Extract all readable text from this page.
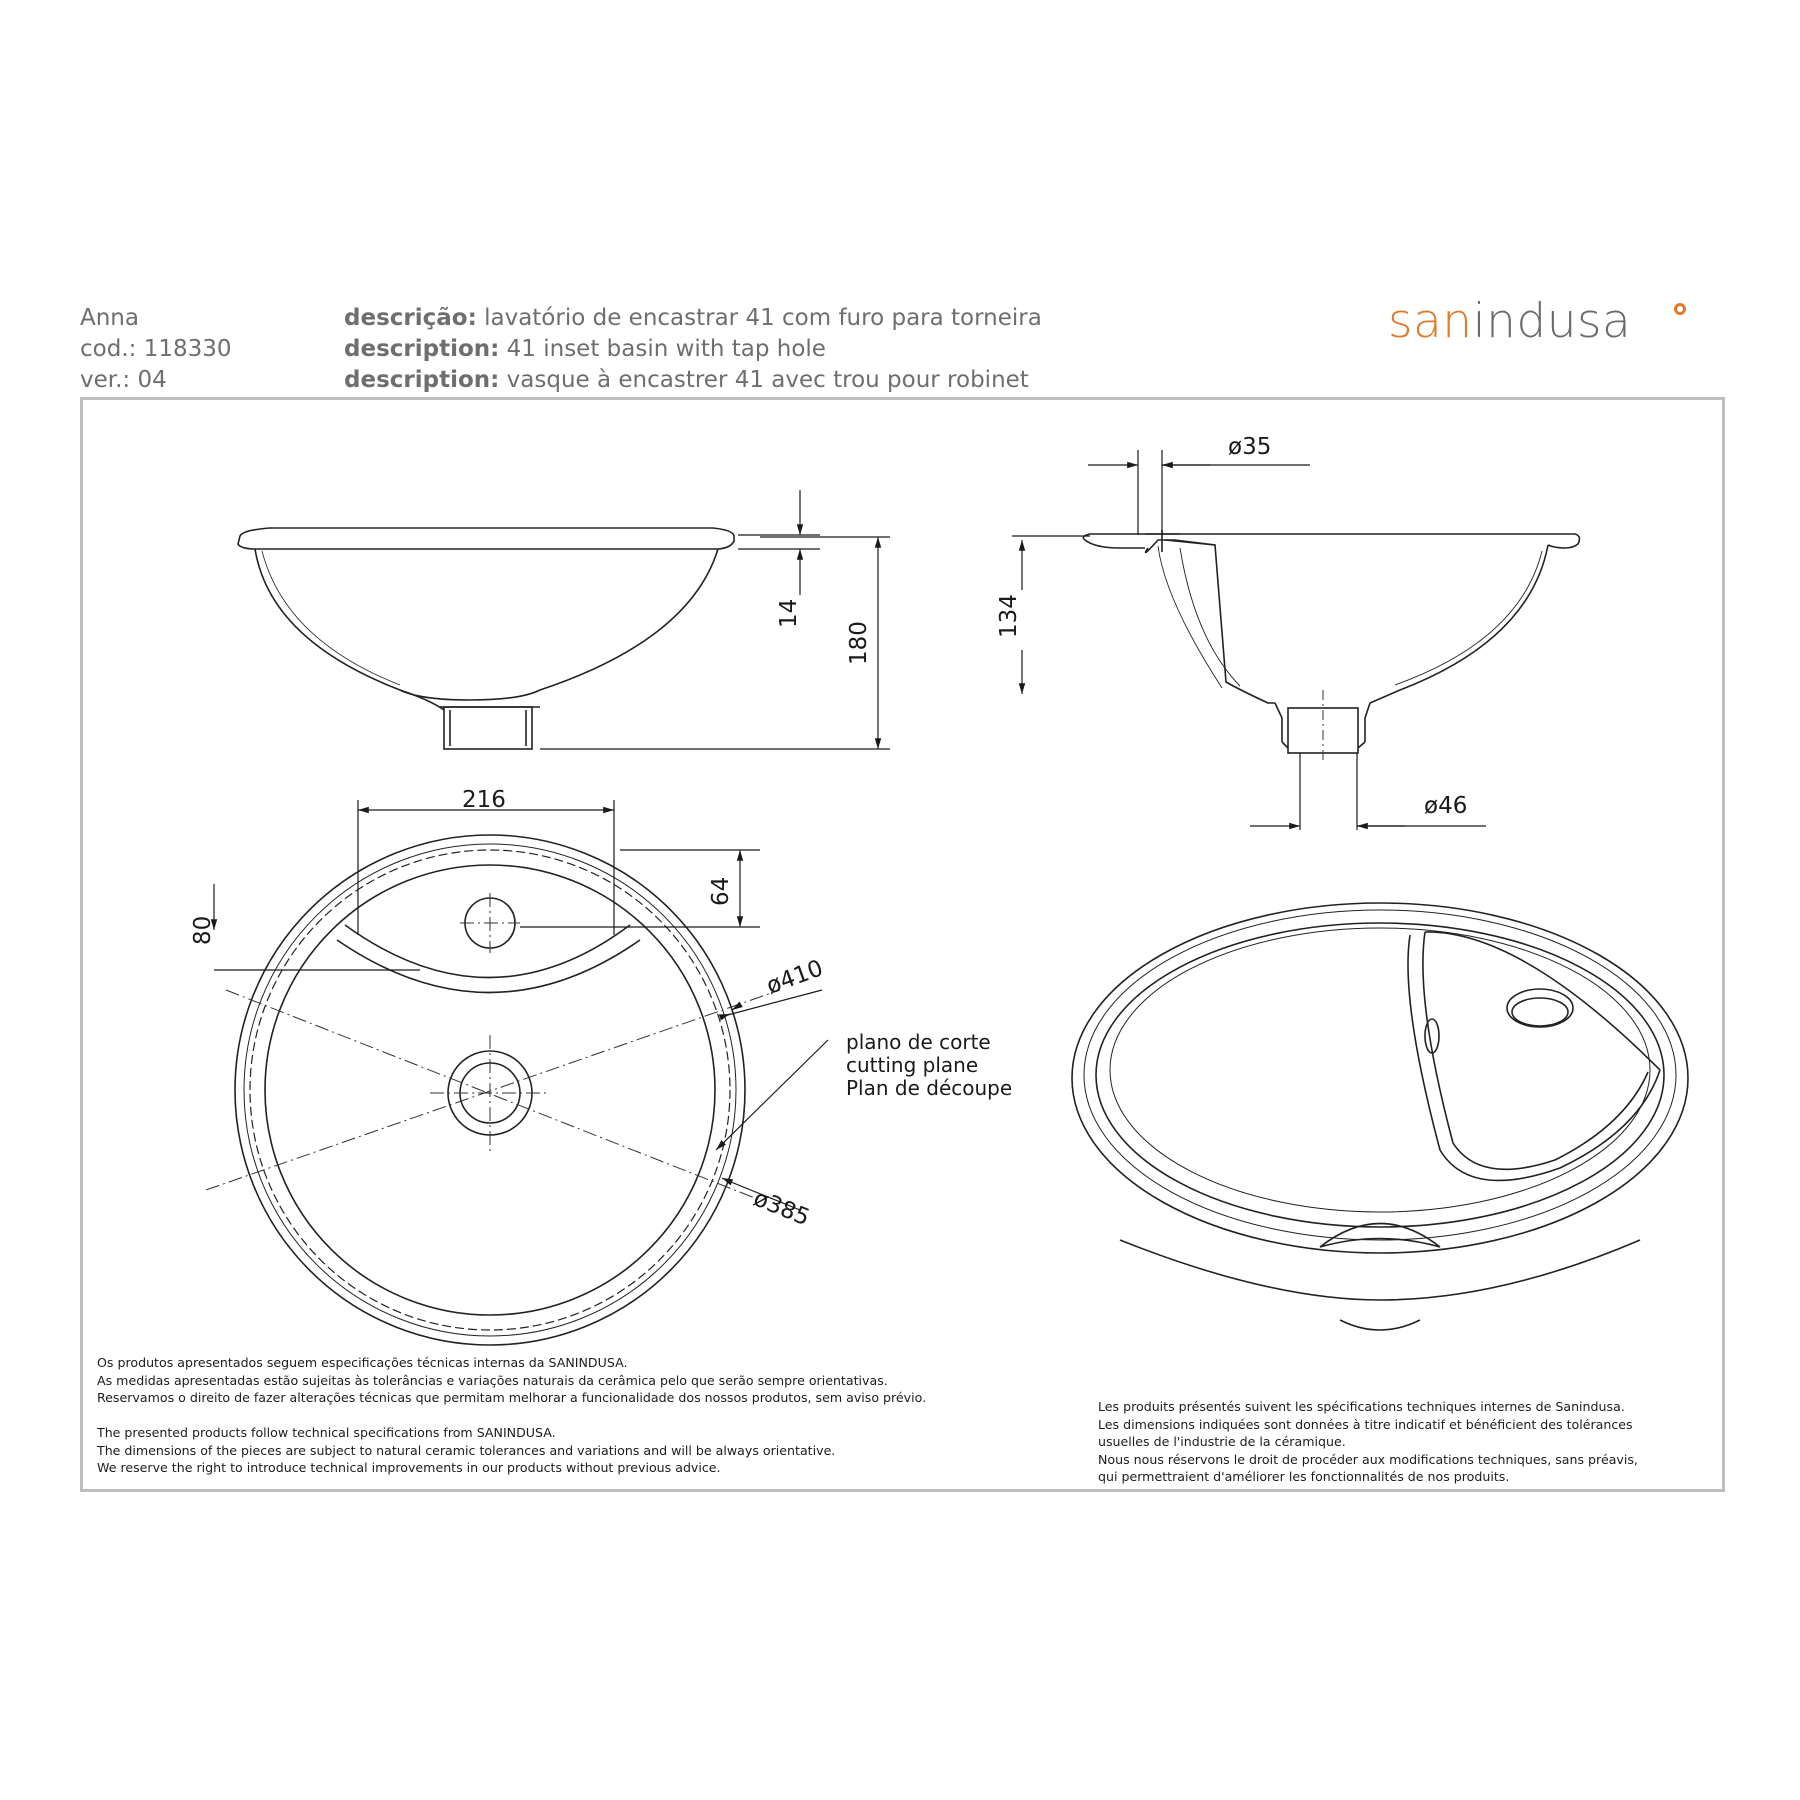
Anna
cod.: 118330
ver.: 04
descrição: lavatório de encastrar 41 com furo para torneira
description: 41 inset basin with tap hole
description: vasque à encastrer 41 avec trou pour robinet
sanindusa
14
180
ø35
134
ø46
216
64
80
ø410
ø385
plano de corte
cutting plane
Plan de découpe
Os produtos apresentados seguem especificações técnicas internas da SANINDUSA.
As medidas apresentadas estão sujeitas às tolerâncias e variações naturais da cerâmica pelo que serão sempre orientativas.
Reservamos o direito de fazer alterações técnicas que permitam melhorar a funcionalidade dos nossos produtos, sem aviso prévio.
The presented products follow technical specifications from SANINDUSA.
The dimensions of the pieces are subject to natural ceramic tolerances and variations and will be always orientative.
We reserve the right to introduce technical improvements in our products without previous advice.
Les produits présentés suivent les spécifications techniques internes de Sanindusa.
Les dimensions indiquées sont données à titre indicatif et bénéficient des tolérances
usuelles de l'industrie de la céramique.
Nous nous réservons le droit de procéder aux modifications techniques, sans préavis,
qui permettraient d'améliorer les fonctionnalités de nos produits.
